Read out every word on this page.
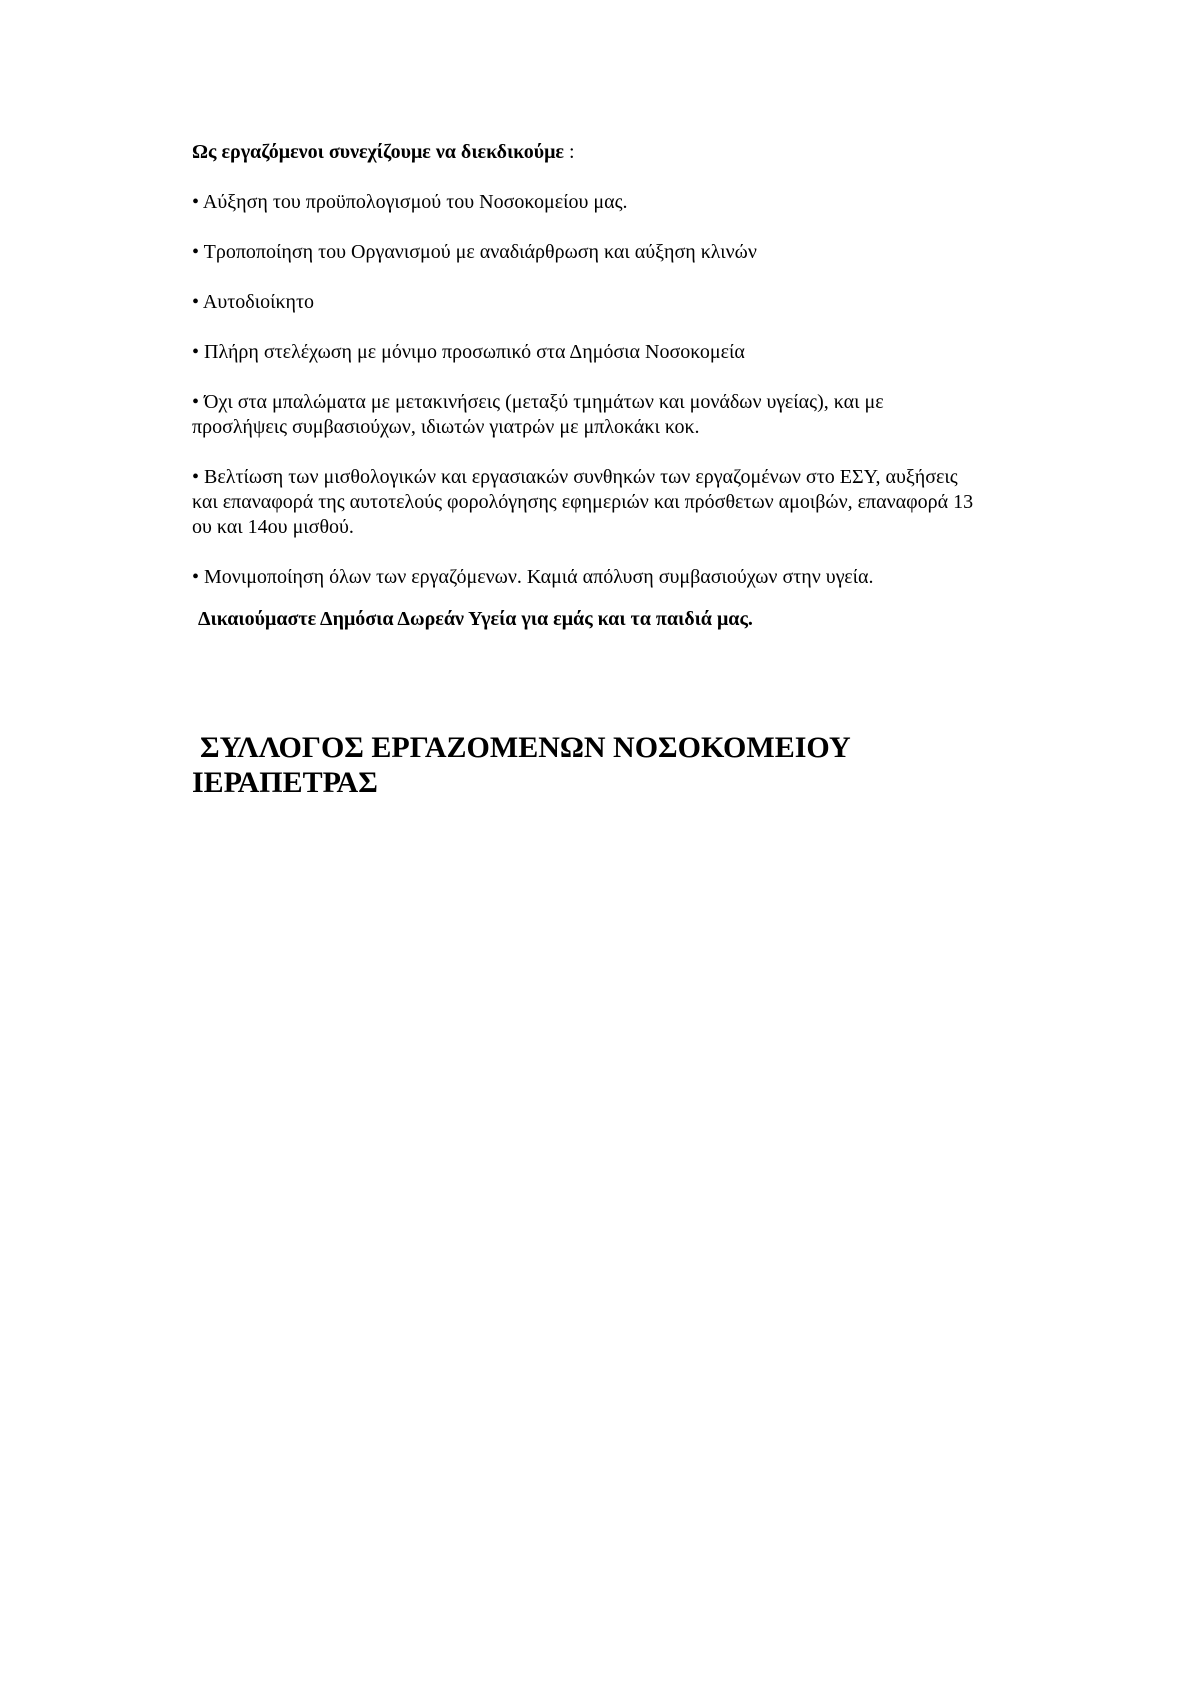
Ως εργαζόμενοι συνεχίζουμε να διεκδικούμε :

• Αύξηση του προϋπολογισμού του Νοσοκομείου μας.
• Τροποποίηση του Οργανισμού με αναδιάρθρωση και αύξηση κλινών
• Αυτοδιοίκητο
• Πλήρη στελέχωση με μόνιμο προσωπικό στα Δημόσια Νοσοκομεία
• Όχι στα μπαλώματα με μετακινήσεις (μεταξύ τμημάτων και μονάδων υγείας), και με προσλήψεις συμβασιούχων, ιδιωτών γιατρών με μπλοκάκι κοκ.
• Βελτίωση των μισθολογικών και εργασιακών συνθηκών των εργαζομένων στο ΕΣΥ, αυξήσεις και επαναφορά της αυτοτελούς φορολόγησης εφημεριών και πρόσθετων αμοιβών, επαναφορά 13 ου και 14ου μισθού.
• Μονιμοποίηση όλων των εργαζόμενων. Καμιά απόλυση συμβασιούχων στην υγεία.

Δικαιούμαστε Δημόσια Δωρεάν Υγεία για εμάς και τα παιδιά μας.

ΣΥΛΛΟΓΟΣ ΕΡΓΑΖΟΜΕΝΩΝ ΝΟΣΟΚΟΜΕΙΟΥ
ΙΕΡΑΠΕΤΡΑΣ
